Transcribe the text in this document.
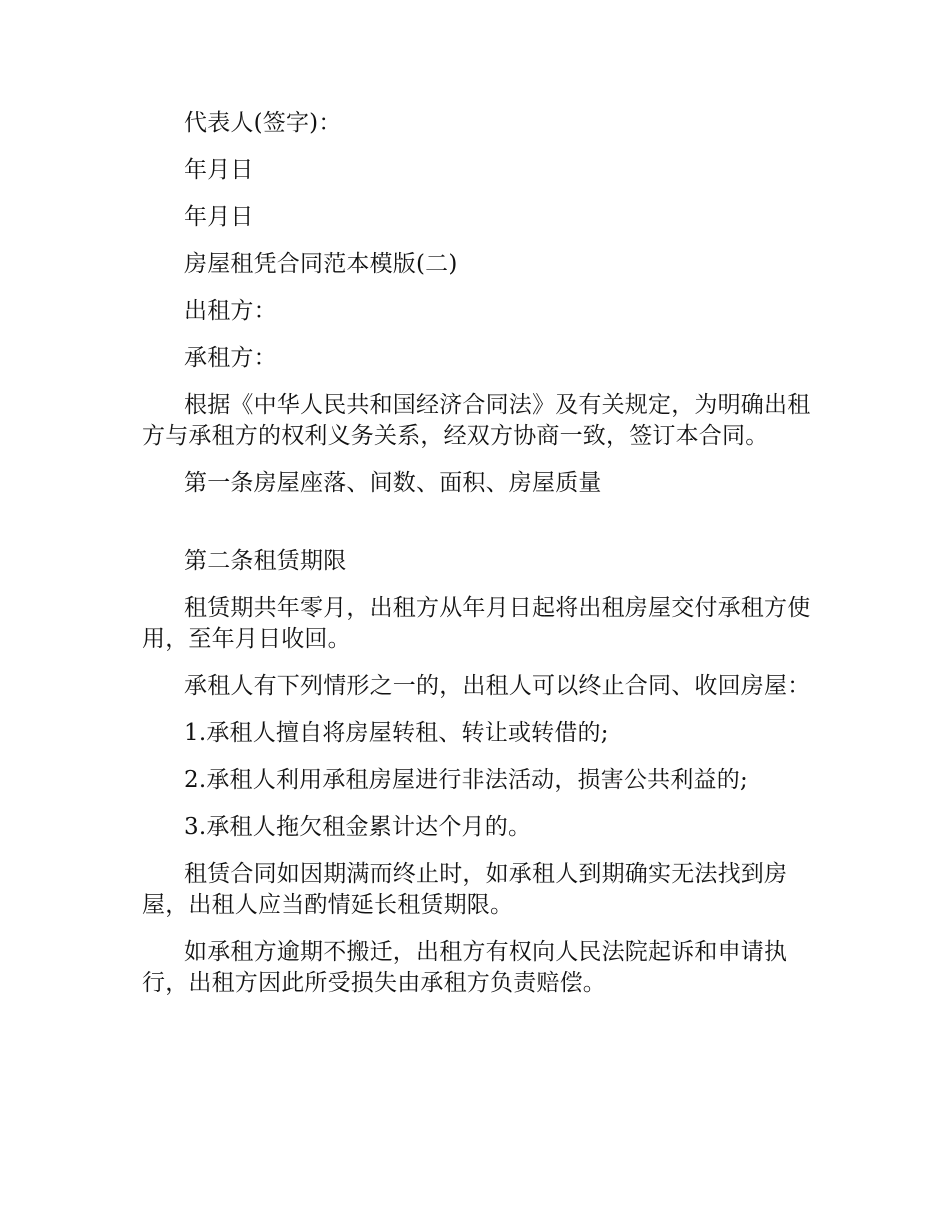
代表人(签字)：

年月日

年月日

房屋租凭合同范本模版(二)

出租方：

承租方：

根据《中华人民共和国经济合同法》及有关规定，为明确出租方与承租方的权利义务关系，经双方协商一致，签订本合同。

第一条房屋座落、间数、面积、房屋质量

第二条租赁期限

租赁期共年零月，出租方从年月日起将出租房屋交付承租方使用，至年月日收回。

承租人有下列情形之一的，出租人可以终止合同、收回房屋：

1.承租人擅自将房屋转租、转让或转借的;

2.承租人利用承租房屋进行非法活动，损害公共利益的;

3.承租人拖欠租金累计达个月的。

租赁合同如因期满而终止时，如承租人到期确实无法找到房屋，出租人应当酌情延长租赁期限。

如承租方逾期不搬迁，出租方有权向人民法院起诉和申请执行，出租方因此所受损失由承租方负责赔偿。
